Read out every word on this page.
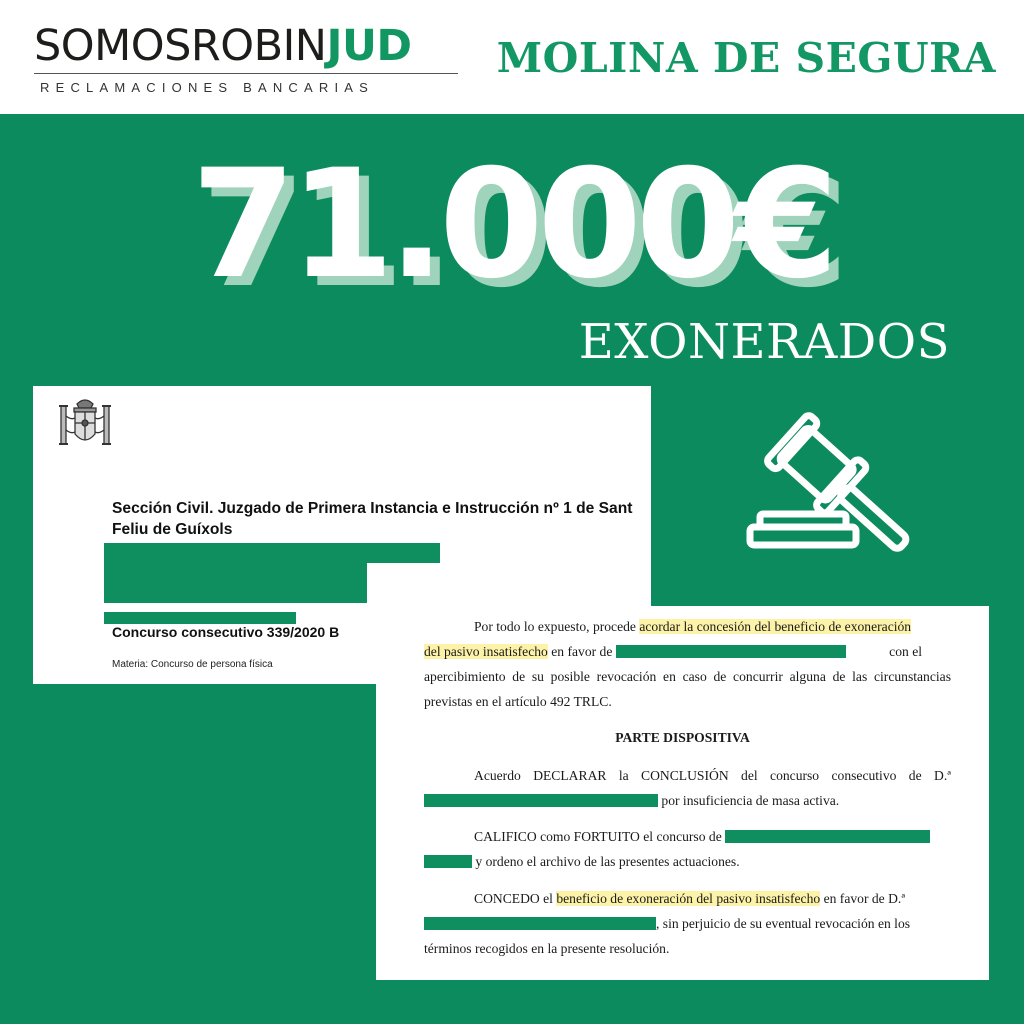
SOMOSROBINJUD
RECLAMACIONES BANCARIAS
MOLINA DE SEGURA
71.000€
EXONERADOS
Sección Civil. Juzgado de Primera Instancia e Instrucción nº 1 de Sant Feliu de Guíxols
Concurso consecutivo 339/2020 B
Materia: Concurso de persona física
Por todo lo expuesto, procede acordar la concesión del beneficio de exoneración
del pasivo insatisfecho en favor de	con el
apercibimiento de su posible revocación en caso de concurrir alguna de las circunstancias
previstas en el artículo 492 TRLC.
PARTE DISPOSITIVA
Acuerdo DECLARAR la CONCLUSIÓN del concurso consecutivo de D.ª
por insuficiencia de masa activa.
CALIFICO como FORTUITO el concurso de
y ordeno el archivo de las presentes actuaciones.
CONCEDO el beneficio de exoneración del pasivo insatisfecho en favor de D.ª
, sin perjuicio de su eventual revocación en los
términos recogidos en la presente resolución.
